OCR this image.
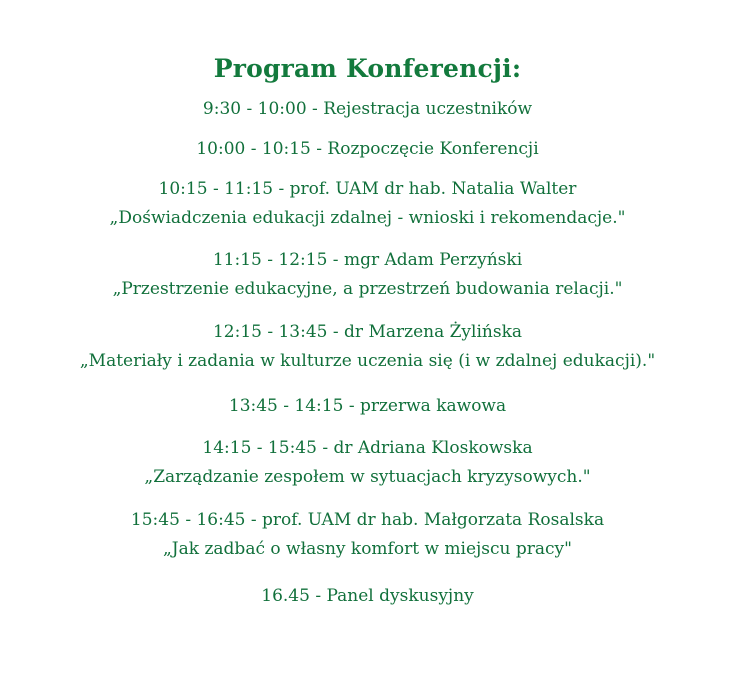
Program Konferencji:
9:30 - 10:00 - Rejestracja uczestników
10:00 - 10:15 - Rozpoczęcie Konferencji
10:15 - 11:15 - prof. UAM dr hab. Natalia Walter
„Doświadczenia edukacji zdalnej - wnioski i rekomendacje."
11:15 - 12:15 - mgr Adam Perzyński
„Przestrzenie edukacyjne, a przestrzeń budowania relacji."
12:15 - 13:45 - dr Marzena Żylińska
„Materiały i zadania w kulturze uczenia się (i w zdalnej edukacji)."
13:45 - 14:15 - przerwa kawowa
14:15 - 15:45 - dr Adriana Kloskowska
„Zarządzanie zespołem w sytuacjach kryzysowych."
15:45 - 16:45 - prof. UAM dr hab. Małgorzata Rosalska
„Jak zadbać o własny komfort w miejscu pracy"
16.45 - Panel dyskusyjny
